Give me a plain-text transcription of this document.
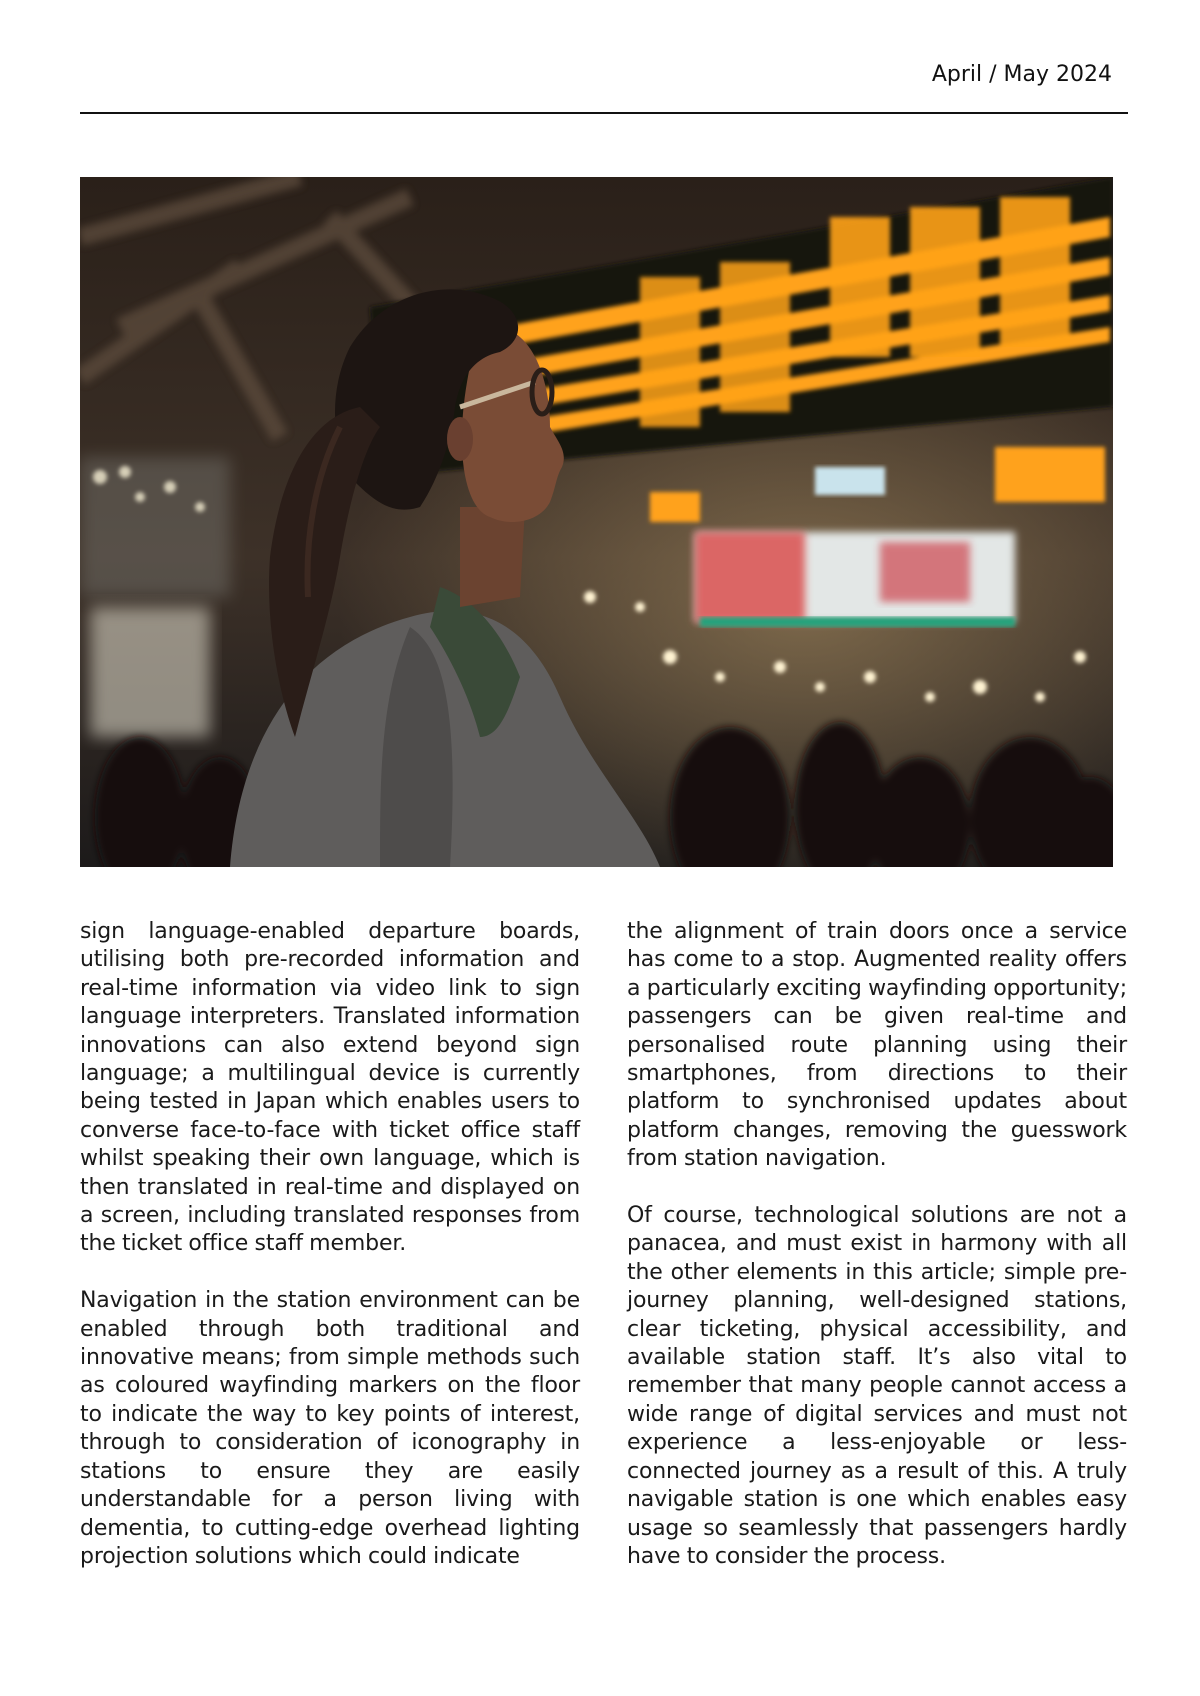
April / May 2024

sign language-enabled departure boards, utilising both pre-recorded information and real-time information via video link to sign language interpreters. Translated information innovations can also extend beyond sign language; a multilingual device is currently being tested in Japan which enables users to converse face-to-face with ticket office staff whilst speaking their own language, which is then translated in real-time and displayed on a screen, including translated responses from the ticket office staff member.

Navigation in the station environment can be enabled through both traditional and innovative means; from simple methods such as coloured wayfinding markers on the floor to indicate the way to key points of interest, through to consideration of iconography in stations to ensure they are easily understandable for a person living with dementia, to cutting-edge overhead lighting projection solutions which could indicate

the alignment of train doors once a service has come to a stop. Augmented reality offers a particularly exciting wayfinding opportunity; passengers can be given real-time and personalised route planning using their smartphones, from directions to their platform to synchronised updates about platform changes, removing the guesswork from station navigation.

Of course, technological solutions are not a panacea, and must exist in harmony with all the other elements in this article; simple pre-journey planning, well-designed stations, clear ticketing, physical accessibility, and available station staff. It’s also vital to remember that many people cannot access a wide range of digital services and must not experience a less-enjoyable or less-connected journey as a result of this. A truly navigable station is one which enables easy usage so seamlessly that passengers hardly have to consider the process.
